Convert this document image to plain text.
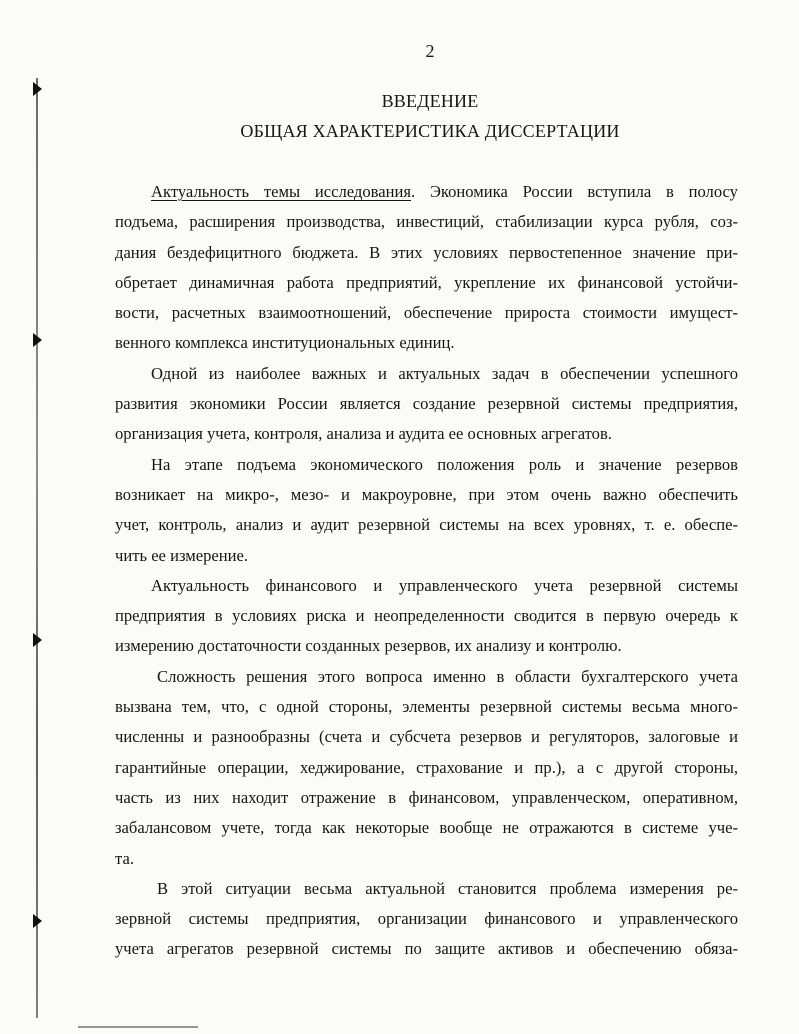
2
ВВЕДЕНИЕ
ОБЩАЯ ХАРАКТЕРИСТИКА ДИССЕРТАЦИИ
Актуальность темы исследования. Экономика России вступила в полосу
подъема, расширения производства, инвестиций, стабилизации курса рубля, соз-
дания бездефицитного бюджета. В этих условиях первостепенное значение при-
обретает динамичная работа предприятий, укрепление их финансовой устойчи-
вости, расчетных взаимоотношений, обеспечение прироста стоимости имущест-
венного комплекса институциональных единиц.
Одной из наиболее важных и актуальных задач в обеспечении успешного
развития экономики России является создание резервной системы предприятия,
организация учета, контроля, анализа и аудита ее основных агрегатов.
На этапе подъема экономического положения роль и значение резервов
возникает на микро-, мезо- и макроуровне, при этом очень важно обеспечить
учет, контроль, анализ и аудит резервной системы на всех уровнях, т. е. обеспе-
чить ее измерение.
Актуальность финансового и управленческого учета резервной системы
предприятия в условиях риска и неопределенности сводится в первую очередь к
измерению достаточности созданных резервов, их анализу и контролю.
Сложность решения этого вопроса именно в области бухгалтерского учета
вызвана тем, что, с одной стороны, элементы резервной системы весьма много-
численны и разнообразны (счета и субсчета резервов и регуляторов, залоговые и
гарантийные операции, хеджирование, страхование и пр.), а с другой стороны,
часть из них находит отражение в финансовом, управленческом, оперативном,
забалансовом учете, тогда как некоторые вообще не отражаются в системе уче-
та.
В этой ситуации весьма актуальной становится проблема измерения ре-
зервной системы предприятия, организации финансового и управленческого
учета агрегатов резервной системы по защите активов и обеспечению обяза-
